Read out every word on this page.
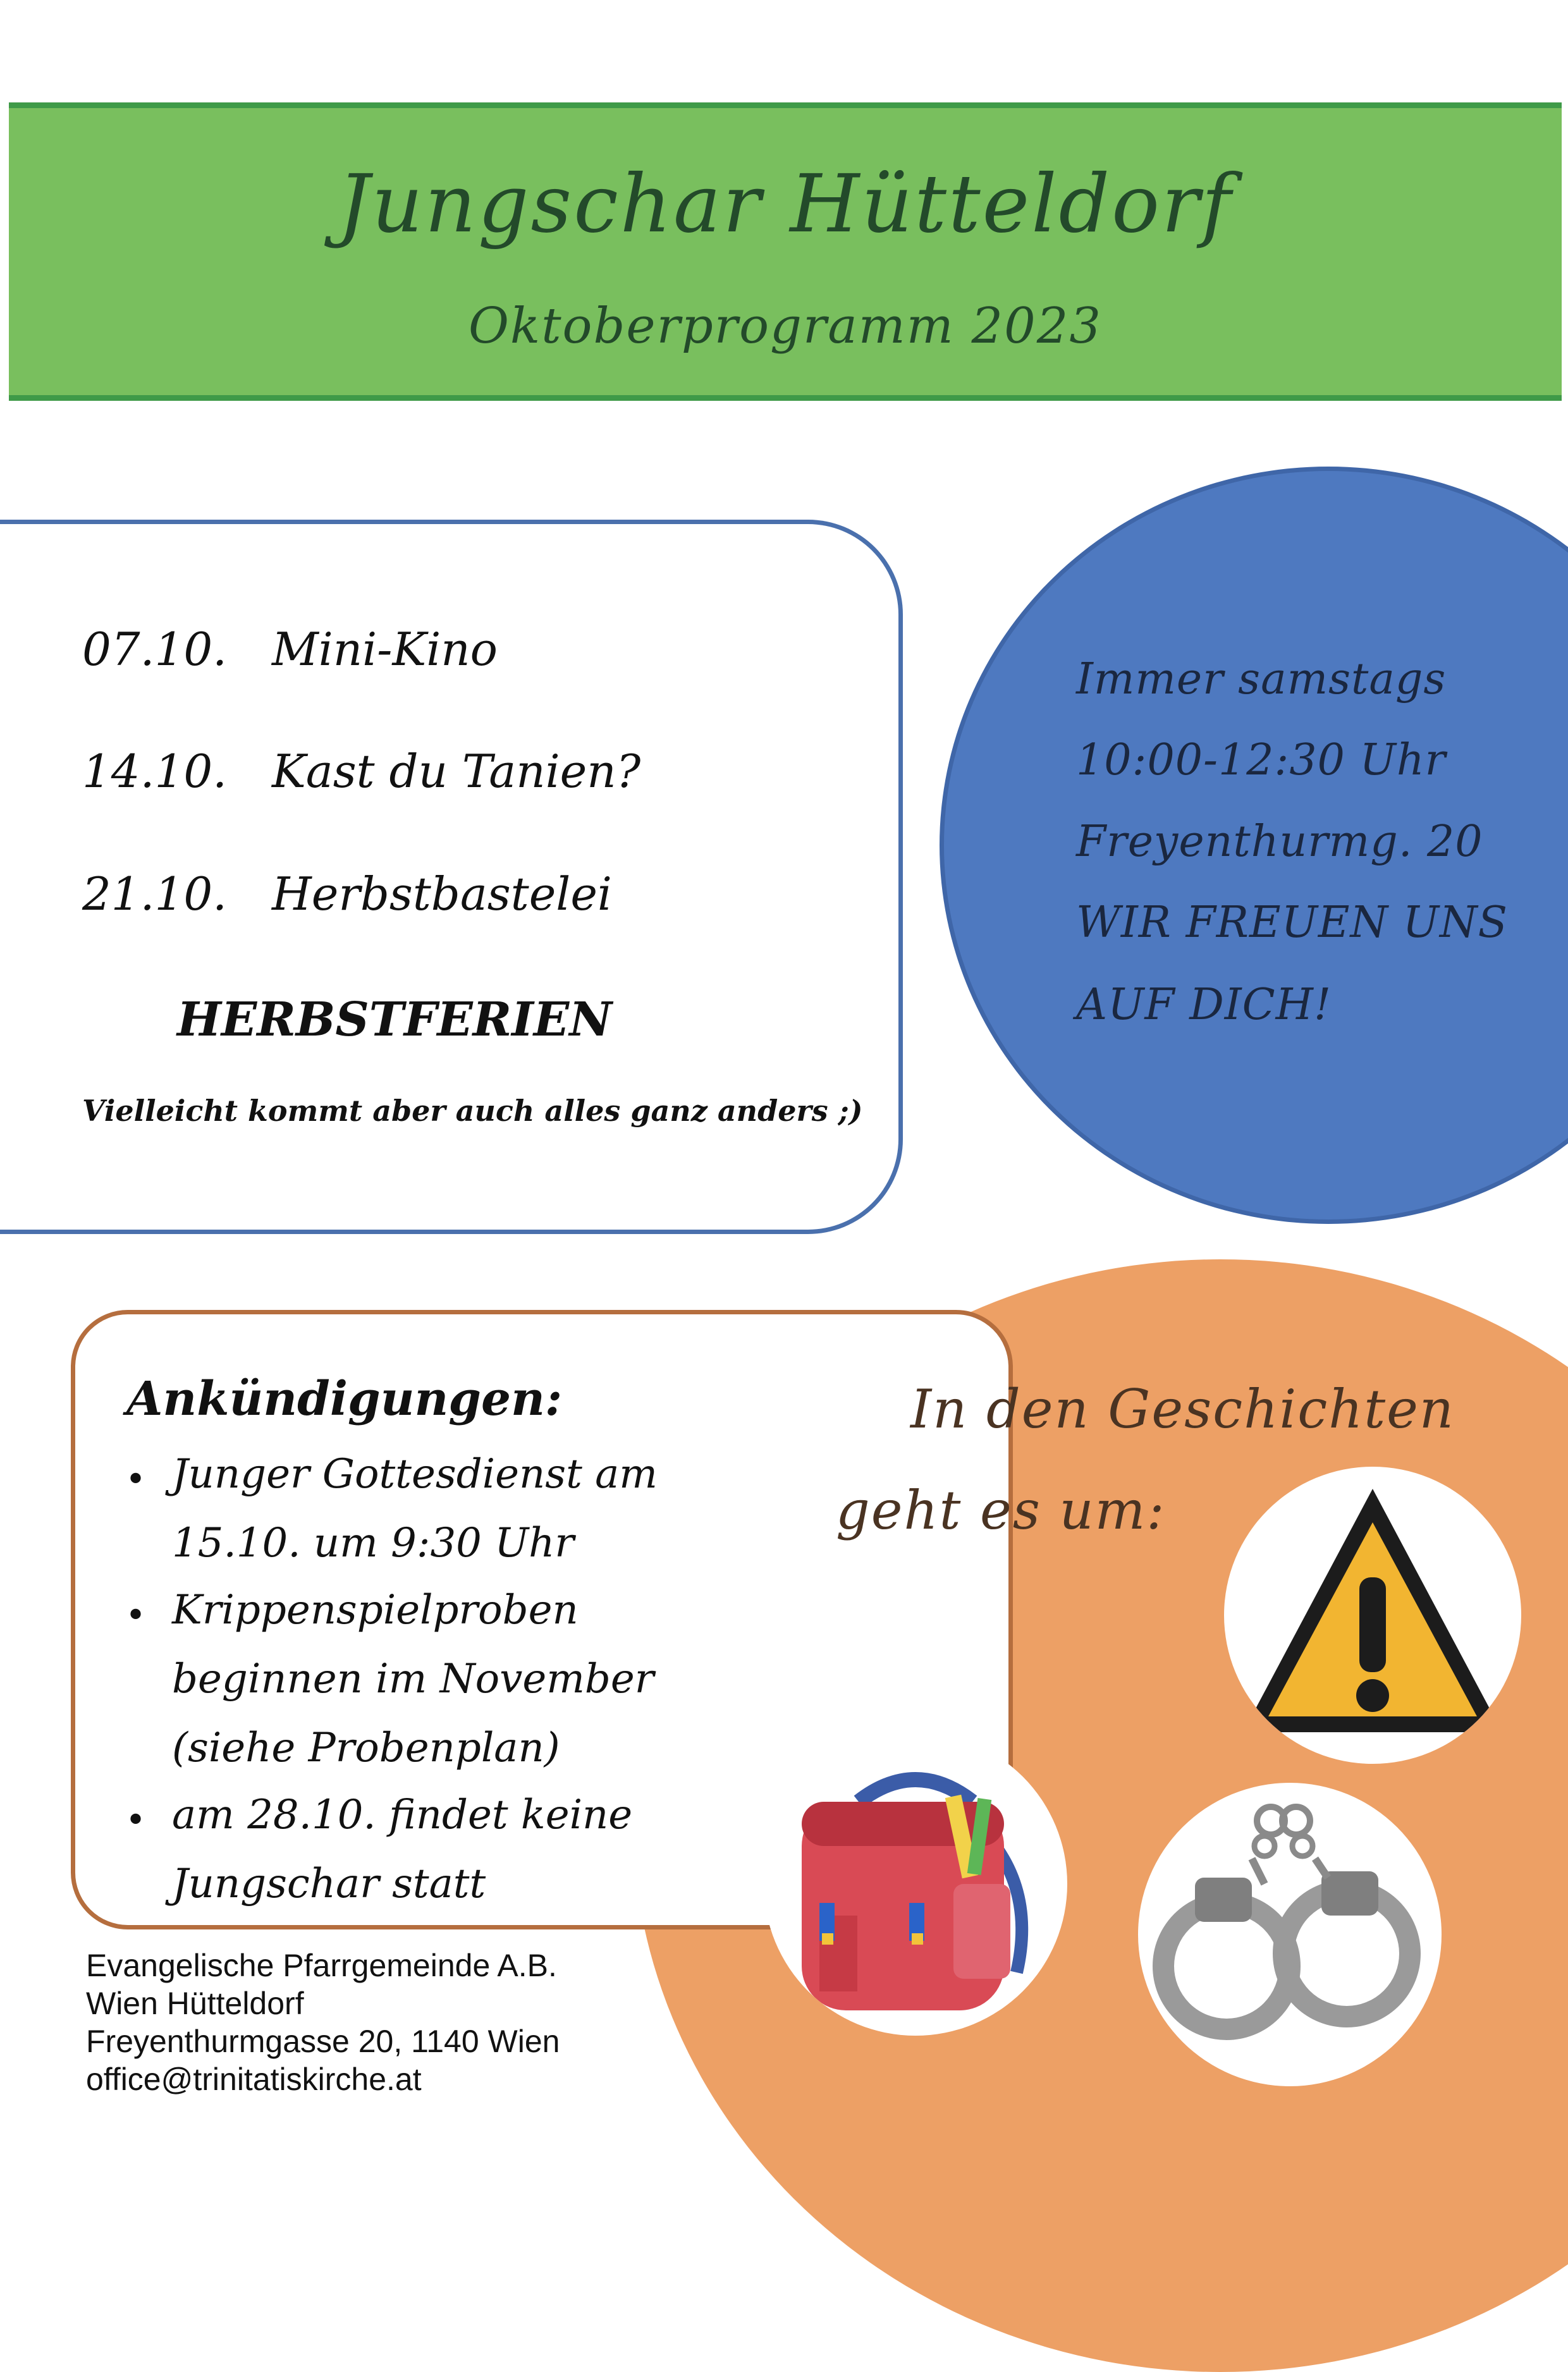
Jungschar Hütteldorf
Oktoberprogramm 2023
07.10. Mini-Kino
14.10. Kast du Tanien?
21.10. Herbstbastelei
HERBSTFERIEN
Vielleicht kommt aber auch alles ganz anders ;)
Immer samstags
10:00-12:30 Uhr
Freyenthurmg. 20
WIR FREUEN UNS
AUF DICH!
Ankündigungen:
• Junger Gottesdienst am
15.10. um 9:30 Uhr
• Krippenspielproben
beginnen im November
(siehe Probenplan)
• am 28.10. findet keine
Jungschar statt
In den Geschichten
geht es um:
Evangelische Pfarrgemeinde A.B.
Wien Hütteldorf
Freyenthurmgasse 20, 1140 Wien
office@trinitatiskirche.at
